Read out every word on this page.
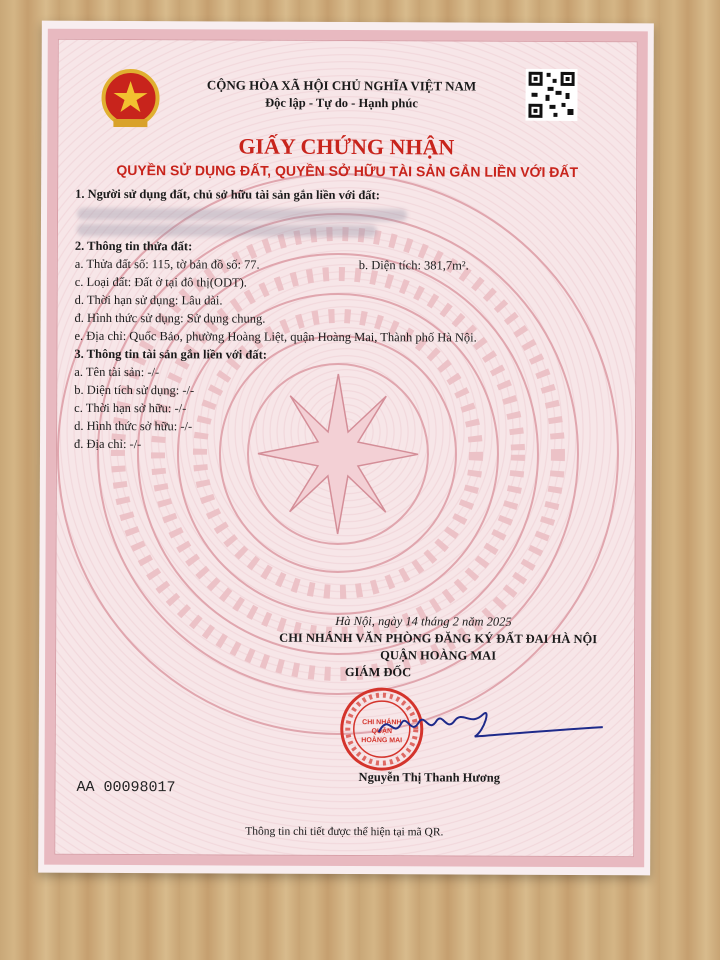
CỘNG HÒA XÃ HỘI CHỦ NGHĨA VIỆT NAM
Độc lập - Tự do - Hạnh phúc
GIẤY CHỨNG NHẬN
QUYỀN SỬ DỤNG ĐẤT, QUYỀN SỞ HỮU TÀI SẢN GẮN LIỀN VỚI ĐẤT
1. Người sử dụng đất, chủ sở hữu tài sản gắn liền với đất:
2. Thông tin thửa đất:
a. Thửa đất số: 115, tờ bản đồ số: 77.	b. Diện tích: 381,7m².
c. Loại đất: Đất ở tại đô thị(ODT).
d. Thời hạn sử dụng: Lâu dài.
đ. Hình thức sử dụng: Sử dụng chung.
e. Địa chỉ: Quốc Bảo, phường Hoàng Liệt, quận Hoàng Mai, Thành phố Hà Nội.
3. Thông tin tài sản gắn liền với đất:
a. Tên tài sản: -/-
b. Diện tích sử dụng: -/-
c. Thời hạn sở hữu: -/-
d. Hình thức sở hữu: -/-
đ. Địa chỉ: -/-
Hà Nội, ngày 14 tháng 2 năm 2025
CHI NHÁNH VĂN PHÒNG ĐĂNG KÝ ĐẤT ĐAI HÀ NỘI
QUẬN HOÀNG MAI
GIÁM ĐỐC
CHI NHÁNH
QUẬN
HOÀNG MAI
Nguyễn Thị Thanh Hương
AA 00098017
Thông tin chi tiết được thể hiện tại mã QR.
